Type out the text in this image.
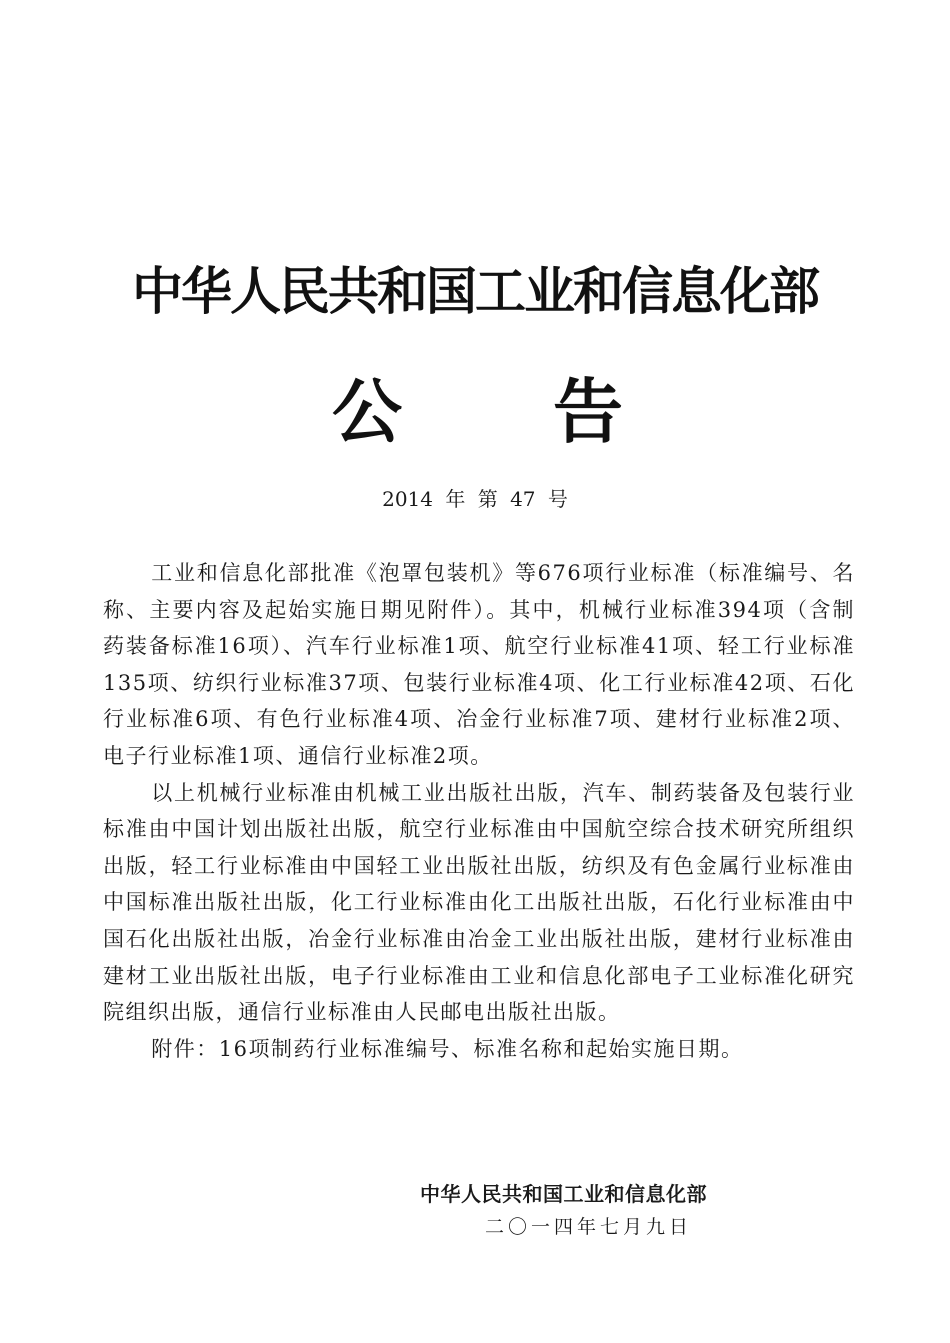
中华人民共和国工业和信息化部
公 告
2014 年 第 47 号

工业和信息化部批准《泡罩包装机》等676项行业标准（标准编号、名称、主要内容及起始实施日期见附件）。其中，机械行业标准394项（含制药装备标准16项）、汽车行业标准1项、航空行业标准41项、轻工行业标准135项、纺织行业标准37项、包装行业标准4项、化工行业标准42项、石化行业标准6项、有色行业标准4项、冶金行业标准7项、建材行业标准2项、电子行业标准1项、通信行业标准2项。

以上机械行业标准由机械工业出版社出版，汽车、制药装备及包装行业标准由中国计划出版社出版，航空行业标准由中国航空综合技术研究所组织出版，轻工行业标准由中国轻工业出版社出版，纺织及有色金属行业标准由中国标准出版社出版，化工行业标准由化工出版社出版，石化行业标准由中国石化出版社出版，冶金行业标准由冶金工业出版社出版，建材行业标准由建材工业出版社出版，电子行业标准由工业和信息化部电子工业标准化研究院组织出版，通信行业标准由人民邮电出版社出版。

附件：16项制药行业标准编号、标准名称和起始实施日期。

中华人民共和国工业和信息化部
二〇一四年七月九日
